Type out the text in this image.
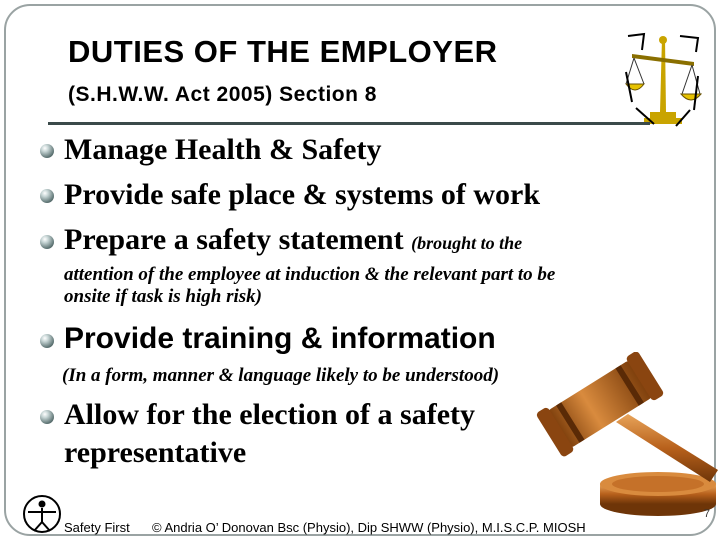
DUTIES OF THE EMPLOYER
(S.H.W.W. Act 2005) Section 8
Manage Health & Safety
Provide safe place & systems of work
Prepare a safety statement (brought to the
attention of the employee at induction & the relevant part to be
onsite if task is high risk)
Provide training & information
(In a form, manner & language likely to be understood)
Allow for the election of a safety
representative
Safety First © Andria O’ Donovan Bsc (Physio), Dip SHWW (Physio), M.I.S.C.P. MIOSH
7
